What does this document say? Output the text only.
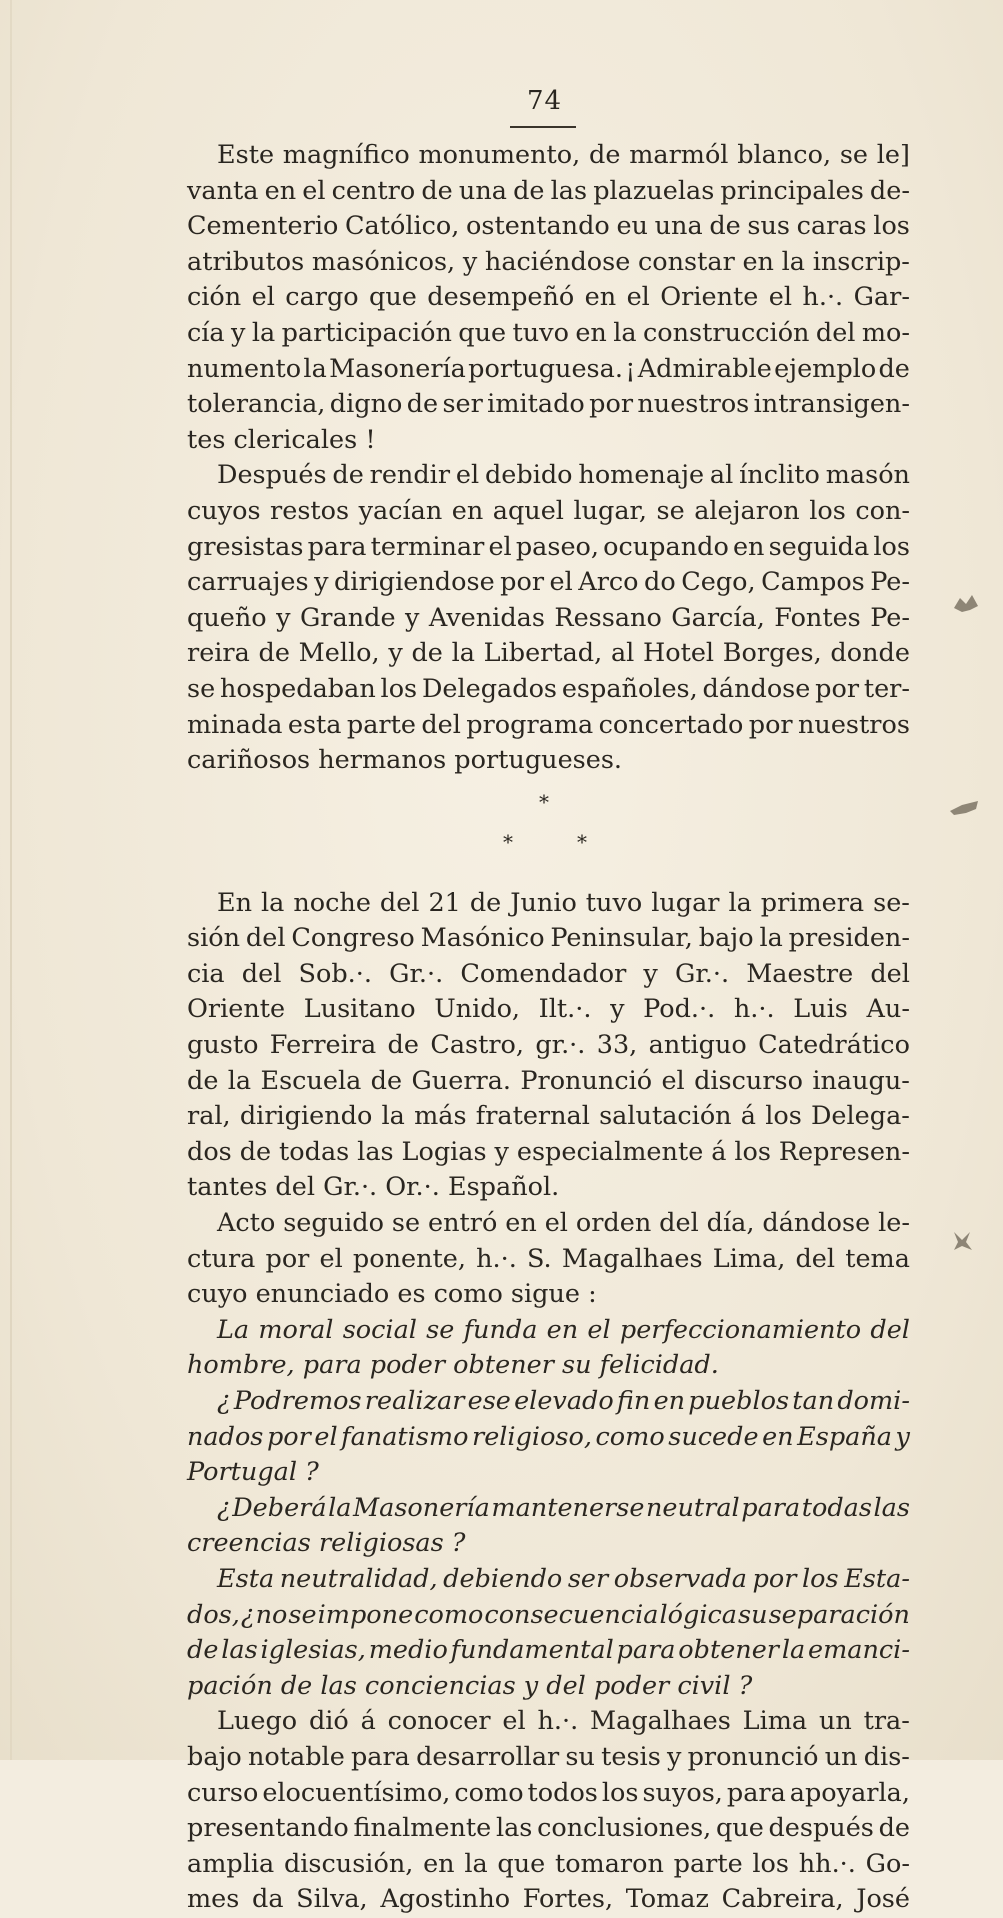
74
Este magnífico monumento, de marmól blanco, se le]
vanta en el centro de una de las plazuelas principales de-
Cementerio Católico, ostentando eu una de sus caras los
atributos masónicos, y haciéndose constar en la inscrip-
ción el cargo que desempeñó en el Oriente el h.·. Gar-
cía y la participación que tuvo en la construcción del mo-
numento la Masonería portuguesa. ¡ Admirable ejemplo de
tolerancia, digno de ser imitado por nuestros intransigen-
tes clericales !
Después de rendir el debido homenaje al ínclito masón
cuyos restos yacían en aquel lugar, se alejaron los con-
gresistas para terminar el paseo, ocupando en seguida los
carruajes y dirigiendose por el Arco do Cego, Campos Pe-
queño y Grande y Avenidas Ressano García, Fontes Pe-
reira de Mello, y de la Libertad, al Hotel Borges, donde
se hospedaban los Delegados españoles, dándose por ter-
minada esta parte del programa concertado por nuestros
cariñosos hermanos portugueses.
*
*	*
En la noche del 21 de Junio tuvo lugar la primera se-
sión del Congreso Masónico Peninsular, bajo la presiden-
cia del Sob.·. Gr.·. Comendador y Gr.·. Maestre del
Oriente Lusitano Unido, Ilt.·. y Pod.·. h.·. Luis Au-
gusto Ferreira de Castro, gr.·. 33, antiguo Catedrático
de la Escuela de Guerra. Pronunció el discurso inaugu-
ral, dirigiendo la más fraternal salutación á los Delega-
dos de todas las Logias y especialmente á los Represen-
tantes del Gr.·. Or.·. Español.
Acto seguido se entró en el orden del día, dándose le-
ctura por el ponente, h.·. S. Magalhaes Lima, del tema
cuyo enunciado es como sigue :
La moral social se funda en el perfeccionamiento del
hombre, para poder obtener su felicidad.
¿ Podremos realizar ese elevado fin en pueblos tan domi-
nados por el fanatismo religioso, como sucede en España y
Portugal ?
¿ Deberá la Masonería mantenerse neutral para todas las
creencias religiosas ?
Esta neutralidad, debiendo ser observada por los Esta-
dos, ¿ no se impone como consecuencia lógica su separación
de las iglesias, medio fundamental para obtener la emanci-
pación de las conciencias y del poder civil ?
Luego dió á conocer el h.·. Magalhaes Lima un tra-
bajo notable para desarrollar su tesis y pronunció un dis-
curso elocuentísimo, como todos los suyos, para apoyarla,
presentando finalmente las conclusiones, que después de
amplia discusión, en la que tomaron parte los hh.·. Go-
mes da Silva, Agostinho Fortes, Tomaz Cabreira, José
